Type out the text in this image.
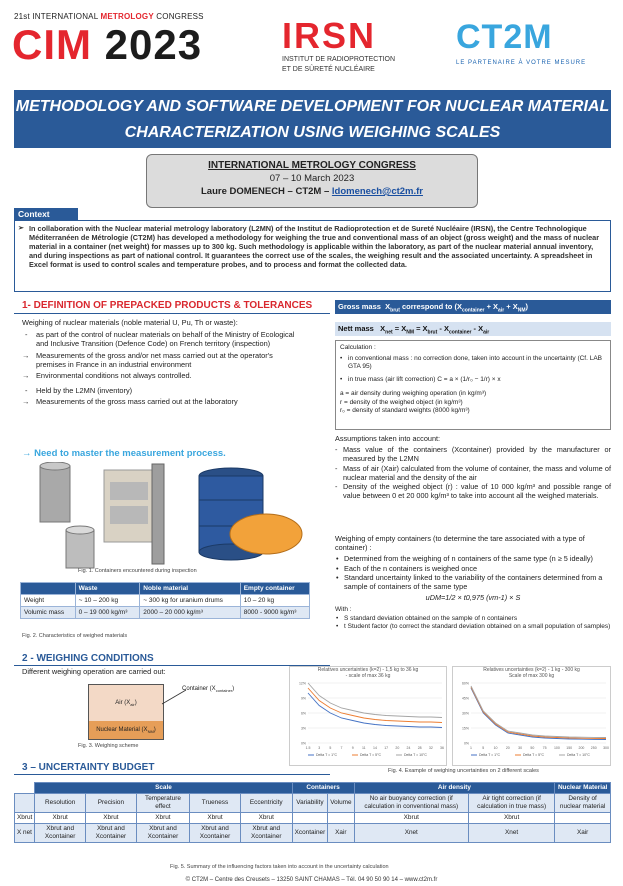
21st INTERNATIONAL METROLOGY CONGRESS
CIM 2023 IRSN
INSTITUT DE RADIOPROTECTION
ET DE SÛRETÉ NUCLÉAIRE
CT2M
LE PARTENAIRE À VOTRE MESURE
METHODOLOGY AND SOFTWARE DEVELOPMENT FOR NUCLEAR MATERIAL
CHARACTERIZATION USING WEIGHING SCALES
INTERNATIONAL METROLOGY CONGRESS
07 – 10 March 2023
Laure DOMENECH – CT2M – ldomenech@ct2m.fr
Context
➢ In collaboration with the Nuclear material metrology laboratory (L2MN) of the Institut de Radioprotection et de Sureté Nucléaire (IRSN), the Centre Technologique Méditerranéen de Métrologie (CT2M) has developed a methodology for weighing the true and conventional mass of an object (gross weight) and the mass of nuclear material in a container (net weight) for masses up to 300 kg. Such methodology is applicable within the laboratory, as part of the nuclear material annual inventory, and during inspections as part of national control. It guarantees the correct use of the scales, the weighing result and the associated uncertainty. A spreadsheet in Excel format is used to control scales and temperature probes, and to process and format the collected data.
1- DEFINITION OF PREPACKED PRODUCTS & TOLERANCES
Weighing of nuclear materials (noble material U, Pu, Th or waste):
- as part of the control of nuclear materials on behalf of the Ministry of Ecological and Inclusive Transition (Defence Code) on French territory (inspection)
→ Measurements of the gross and/or net mass carried out at the operator's premises in France in an industrial environment
→ Environmental conditions not always controlled.
- Held by the L2MN (inventory)
→ Measurements of the gross mass carried out at the laboratory
→ Need to master the measurement process.
Fig. 1. Containers encountered during inspection
	Waste	Noble material	Empty container
Weight	~ 10 – 200 kg	~ 300 kg for uranium drums	10 – 20 kg
Volumic mass	0 – 19 000 kg/m³	2000 – 20 000 kg/m³	8000 - 9000 kg/m³
Fig. 2. Characteristics of weighed materials
2 - WEIGHING CONDITIONS
Different weighing operation are carried out:
Air $(X_{air})$
Nuclear Material $(X_{NM})$
Container $(X_{container})$
Fig. 3. Weighing scheme
Relatives uncertainties (k=2) - 1,5 kg to 36 kg
- scale of max 36 kg
0%
3%
6%
9%
12%
1.5 3	5	7	9 11 14 17 20 24 28 32 36
Delta T = 1°C	Delta T = 5°C	Delta T = 10°C
Relatives uncertainties (k=2) - 1 kg - 300 kg
Scale of max 300 kg
0%
15%
30%
45%
60%
1	5	10 20 30 50 75 100 150 200 250 300
Delta T = 1°C	Delta T = 5°C	Delta T = 10°C
Fig. 4. Example of weighing uncertainties on 2 different scales
3 – UNCERTAINTY BUDGET
	Scale					Containers		Air density		Nuclear Material
	Resolution	Precision	Temperature effect	Trueness	Eccentricity	Variability	Volume	No air buoyancy correction (if calculation in conventional mass)	Air tight correction (if calculation in true mass)	Density of nuclear material
Xbrut	Xbrut	Xbrut	Xbrut	Xbrut	Xbrut			Xbrut	Xbrut	
X net	Xbrut and Xcontainer	Xbrut and Xcontainer	Xbrut and Xcontainer	Xbrut and Xcontainer	Xbrut and Xcontainer	Xcontainer	Xair	Xnet	Xnet	Xair
Fig. 5. Summary of the influencing factors taken into account in the uncertainty calculation
Gross mass $X_{brut}$ correspond to $(X_{container} + X_{air} + X_{NM})$
Nett mass $X_{net} = X_{NM} = X_{brut} - X_{container} - X_{air}$
Calculation :
• in conventional mass : no correction done, taken into account in the uncertainty (Cf. LAB GTA 95)
• in true mass (air lift correction) C = a × (1/r₀ − 1/r) × x
a = air density during weighing operation (in kg/m³)
r = density of the weighed object (in kg/m³)
r₀ = density of standard weights (8000 kg/m³)
Assumptions taken into account:
- Mass value of the containers (Xcontainer) provided by the manufacturer or measured by the L2MN
- Mass of air (Xair) calculated from the volume of container, the mass and volume of nuclear material and the density of the air
- Density of the weighed object (r) : value of 10 000 kg/m³ and possible range of value between 0 et 20 000 kg/m³ to take into account all the weighed materials.
Weighing of empty containers (to determine the tare associated with a type of container) :
• Determined from the weighing of n containers of the same type (n ≥ 5 ideally)
• Each of the n containers is weighed once
• Standard uncertainty linked to the variability of the containers determined from a sample of containers of the same type
uDM=1/2 × t0,975 (vm-1) × S
With :
• S standard deviation obtained on the sample of n containers
• t Student factor (to correct the standard deviation obtained on a small population of samples)
© CT2M – Centre des Creusets – 13250 SAINT CHAMAS – Tél. 04 90 50 90 14 – www.ct2m.fr
